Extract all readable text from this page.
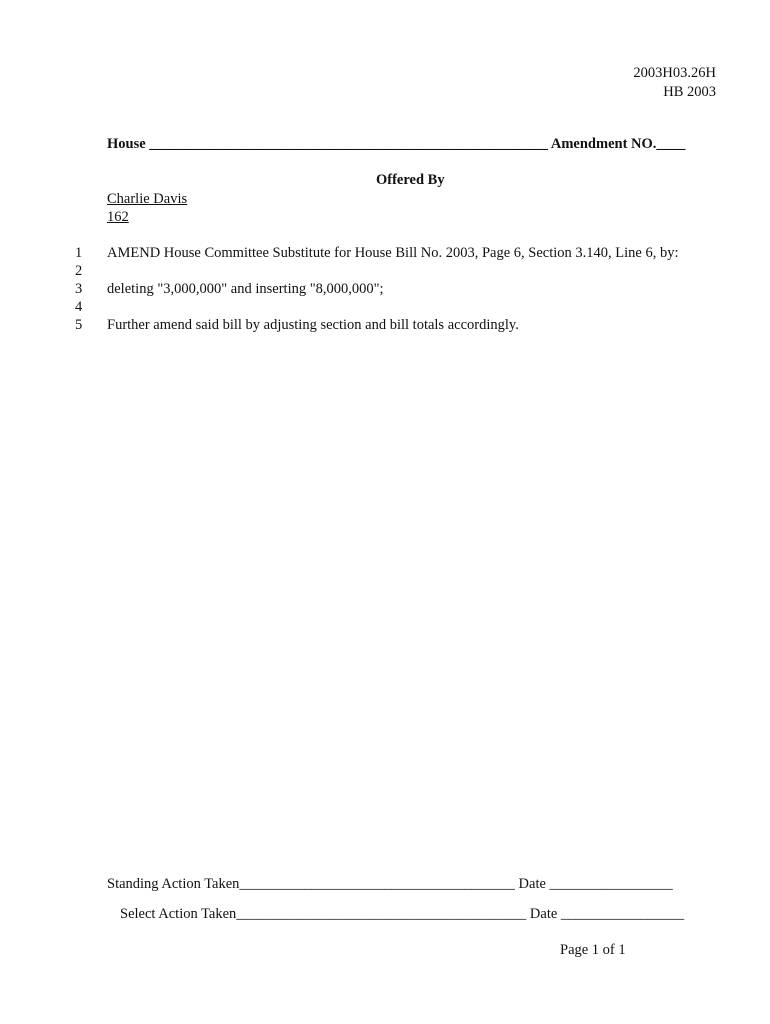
2003H03.26H
HB 2003
House _______________________________________________________ Amendment NO.____
Offered By
Charlie Davis
162
1
2
3
4
5
AMEND House Committee Substitute for House Bill No. 2003, Page 6, Section 3.140, Line 6, by:
deleting "3,000,000" and inserting "8,000,000";
Further amend said bill by adjusting section and bill totals accordingly.
Standing Action Taken______________________________________ Date _________________
Select Action Taken________________________________________ Date _________________
Page 1 of 1
